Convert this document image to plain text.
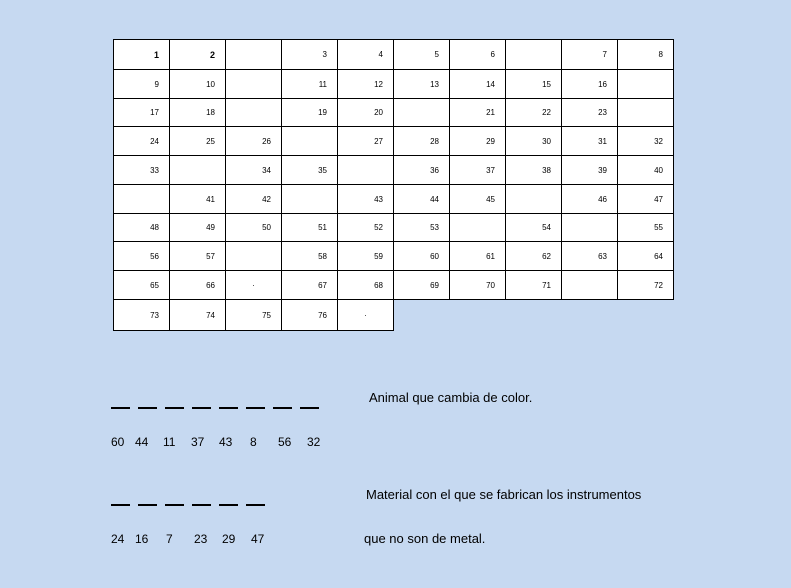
1	2		3	4	5	6		7	8
9	10		11	12	13	14	15	16	
17	18		19	20		21	22	23	
24	25	26		27	28	29	30	31	32
33		34	35		36	37	38	39	40
	41	42		43	44	45		46	47
48	49	50	51	52	53		54		55
56	57		58	59	60	61	62	63	64
65	66	·	67	68	69	70	71		72
73	74	75	76	·					
60 44 11 37 43 8 56 32
Animal que cambia de color.
24 16 7 23 29 47
Material con el que se fabrican los instrumentos
que no son de metal.
